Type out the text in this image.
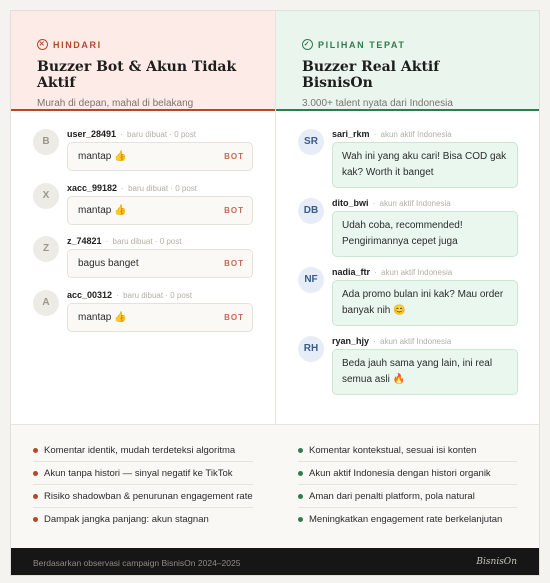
✕ HINDARI
Buzzer Bot & Akun Tidak Aktif
Murah di depan, mahal di belakang
B
user_28491 · baru dibuat · 0 post
mantap 👍	BOT
X
xacc_99182 · baru dibuat · 0 post
mantap 👍	BOT
Z
z_74821 · baru dibuat · 0 post
bagus banget	BOT
A
acc_00312 · baru dibuat · 0 post
mantap 👍	BOT
✓ PILIHAN TEPAT
Buzzer Real Aktif BisnisOn
3.000+ talent nyata dari Indonesia
SR
sari_rkm · akun aktif Indonesia
Wah ini yang aku cari! Bisa COD gak kak? Worth it banget
DB
dito_bwi · akun aktif Indonesia
Udah coba, recommended! Pengirimannya cepet juga
NF
nadia_ftr · akun aktif Indonesia
Ada promo bulan ini kak? Mau order banyak nih 😊
RH
ryan_hjy · akun aktif Indonesia
Beda jauh sama yang lain, ini real semua asli 🔥
Komentar identik, mudah terdeteksi algoritma
Akun tanpa histori — sinyal negatif ke TikTok
Risiko shadowban & penurunan engagement rate
Dampak jangka panjang: akun stagnan
Komentar kontekstual, sesuai isi konten
Akun aktif Indonesia dengan histori organik
Aman dari penalti platform, pola natural
Meningkatkan engagement rate berkelanjutan
Berdasarkan observasi campaign BisnisOn 2024–2025	BisnisOn
